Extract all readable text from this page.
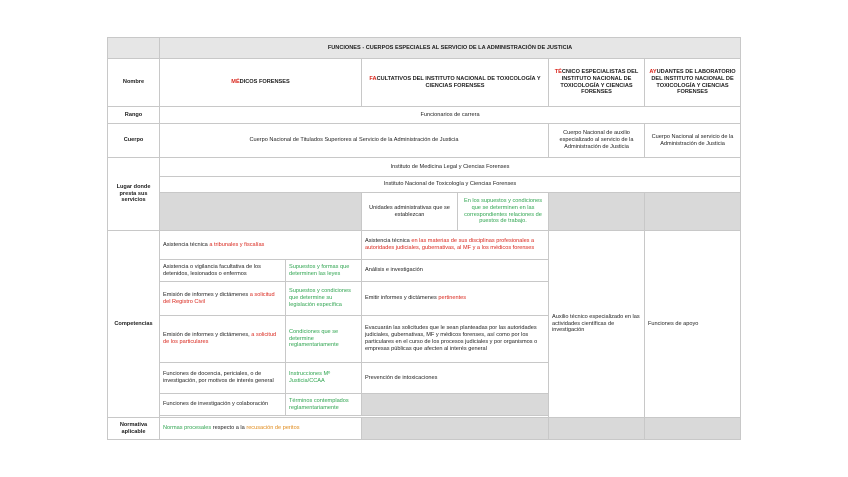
	FUNCIONES - CUERPOS ESPECIALES AL SERVICIO DE LA ADMINISTRACIÓN DE JUSTICIA					
Nombre	MÉDICOS FORENSES		FACULTATIVOS DEL INSTITUTO NACIONAL DE TOXICOLOGÍA Y CIENCIAS FORENSES		TÉCNICO ESPECIALISTAS DEL INSTITUTO NACIONAL DE TOXICOLOGÍA Y CIENCIAS FORENSES	AYUDANTES DE LABORATORIO DEL INSTITUTO NACIONAL DE TOXICOLOGÍA Y CIENCIAS FORENSES
Rango	Funcionarios de carrera					
Cuerpo	Cuerpo Nacional de Titulados Superiores al Servicio de la Administración de Justicia				Cuerpo Nacional de auxilio especializado al servicio de la Administración de Justicia	Cuerpo Nacional al servicio de la Administración de Justicia
Lugar donde presta sus servicios	Instituto de Medicina Legal y Ciencias Forenses					
	Instituto Nacional de Toxicología y Ciencias Forenses					
			Unidades administrativas que se establezcan	En los supuestos y condiciones que se determinen en las correspondientes relaciones de puestos de trabajo.		
Competencias	Asistencia técnica a tribunales y fiscalías		Asistencia técnica en las materias de sus disciplinas profesionales a autoridades judiciales, gubernativas, al MF y a los médicos forenses		Auxilio técnico especializado en las actividades científicas de investigación	Funciones de apoyo
	Asistencia o vigilancia facultativa de los detenidos, lesionados o enfermos	Supuestos y formas que determinen las leyes	Análisis e investigación			
	Emisión de informes y dictámenes a solicitud del Registro Civil	Supuestos y condiciones que determine su legislación específica	Emitir informes y dictámenes pertinentes			
	Emisión de informes y dictámenes, a solicitud de los particulares	Condiciones que se determine reglamentariamente	Evacuarán las solicitudes que le sean planteadas por las autoridades judiciales, gubernativas, MF y médicos forenses, así como por los particulares en el curso de los procesos judiciales y por organismos o empresas públicas que afecten al interés general			
	Funciones de docencia, periciales, o de investigación, por motivos de interés general	Instrucciones Mº Justicia/CCAA	Prevención de intoxicaciones			
	Funciones de investigación y colaboración	Términos contemplados reglamentariamente				

Normativa aplicable	Normas procesales respecto a la recusación de peritos					
